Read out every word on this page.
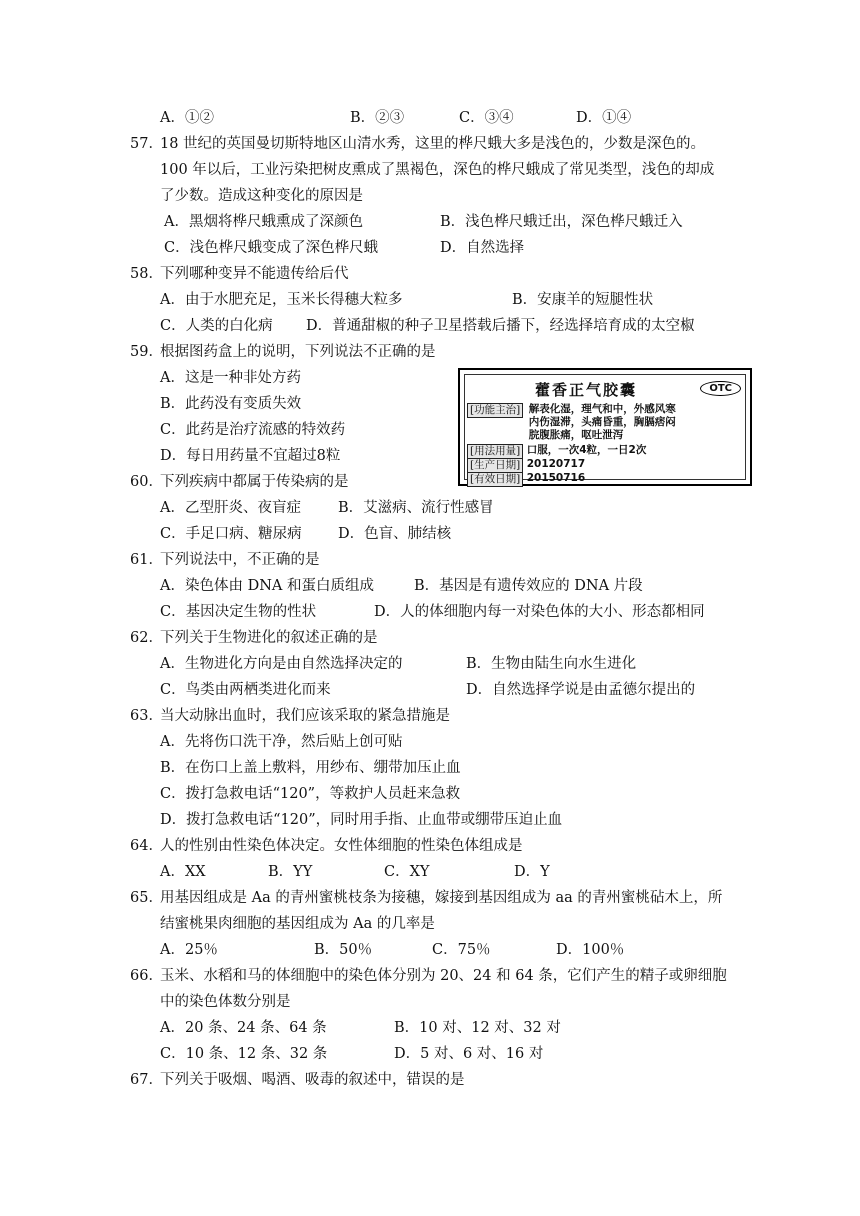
A．①②	B．②③	C．③④	D．①④
57．
18 世纪的英国曼切斯特地区山清水秀，这里的桦尺蛾大多是浅色的，少数是深色的。
100 年以后，工业污染把树皮熏成了黑褐色，深色的桦尺蛾成了常见类型，浅色的却成
了少数。造成这种变化的原因是
A．黑烟将桦尺蛾熏成了深颜色	B．浅色桦尺蛾迁出，深色桦尺蛾迁入
C．浅色桦尺蛾变成了深色桦尺蛾	D．自然选择
58．
下列哪种变异不能遗传给后代
A．由于水肥充足，玉米长得穗大粒多	B．安康羊的短腿性状
C．人类的白化病 D．普通甜椒的种子卫星搭载后播下，经选择培育成的太空椒
59．
根据图药盒上的说明，下列说法不正确的是
A．这是一种非处方药
B．此药没有变质失效
C．此药是治疗流感的特效药
D．每日用药量不宜超过8粒
藿香正气胶囊	OTC
[功能主治] 解表化湿，理气和中，外感风寒
内伤湿滞，头痛昏重，胸膈痞闷
脘腹胀痛，呕吐泄泻
[用法用量] 口服，一次4粒，一日2次
[生产日期] 20120717
[有效日期] 20150716
60．
下列疾病中都属于传染病的是
A．乙型肝炎、夜盲症	B．艾滋病、流行性感冒
C．手足口病、糖尿病	D．色盲、肺结核
61．
下列说法中，不正确的是
A．染色体由 DNA 和蛋白质组成	B．基因是有遗传效应的 DNA 片段
C．基因决定生物的性状	D．人的体细胞内每一对染色体的大小、形态都相同
62．
下列关于生物进化的叙述正确的是
A．生物进化方向是由自然选择决定的	B．生物由陆生向水生进化
C．鸟类由两栖类进化而来	D．自然选择学说是由孟德尔提出的
63．
当大动脉出血时，我们应该采取的紧急措施是
A．先将伤口洗干净，然后贴上创可贴
B．在伤口上盖上敷料，用纱布、绷带加压止血
C．拨打急救电话“120”，等救护人员赶来急救
D．拨打急救电话“120”，同时用手指、止血带或绷带压迫止血
64．
人的性别由性染色体决定。女性体细胞的性染色体组成是
A．XX	B．YY	C．XY	D．Y
65．
用基因组成是 Aa 的青州蜜桃枝条为接穗，嫁接到基因组成为 aa 的青州蜜桃砧木上，所
结蜜桃果肉细胞的基因组成为 Aa 的几率是
A．25％	B．50％	C．75％	D．100％
66．
玉米、水稻和马的体细胞中的染色体分别为 20、24 和 64 条，它们产生的精子或卵细胞
中的染色体数分别是
A．20 条、24 条、64 条	B．10 对、12 对、32 对
C．10 条、12 条、32 条	D．5 对、6 对、16 对
67．
下列关于吸烟、喝酒、吸毒的叙述中，错误的是
